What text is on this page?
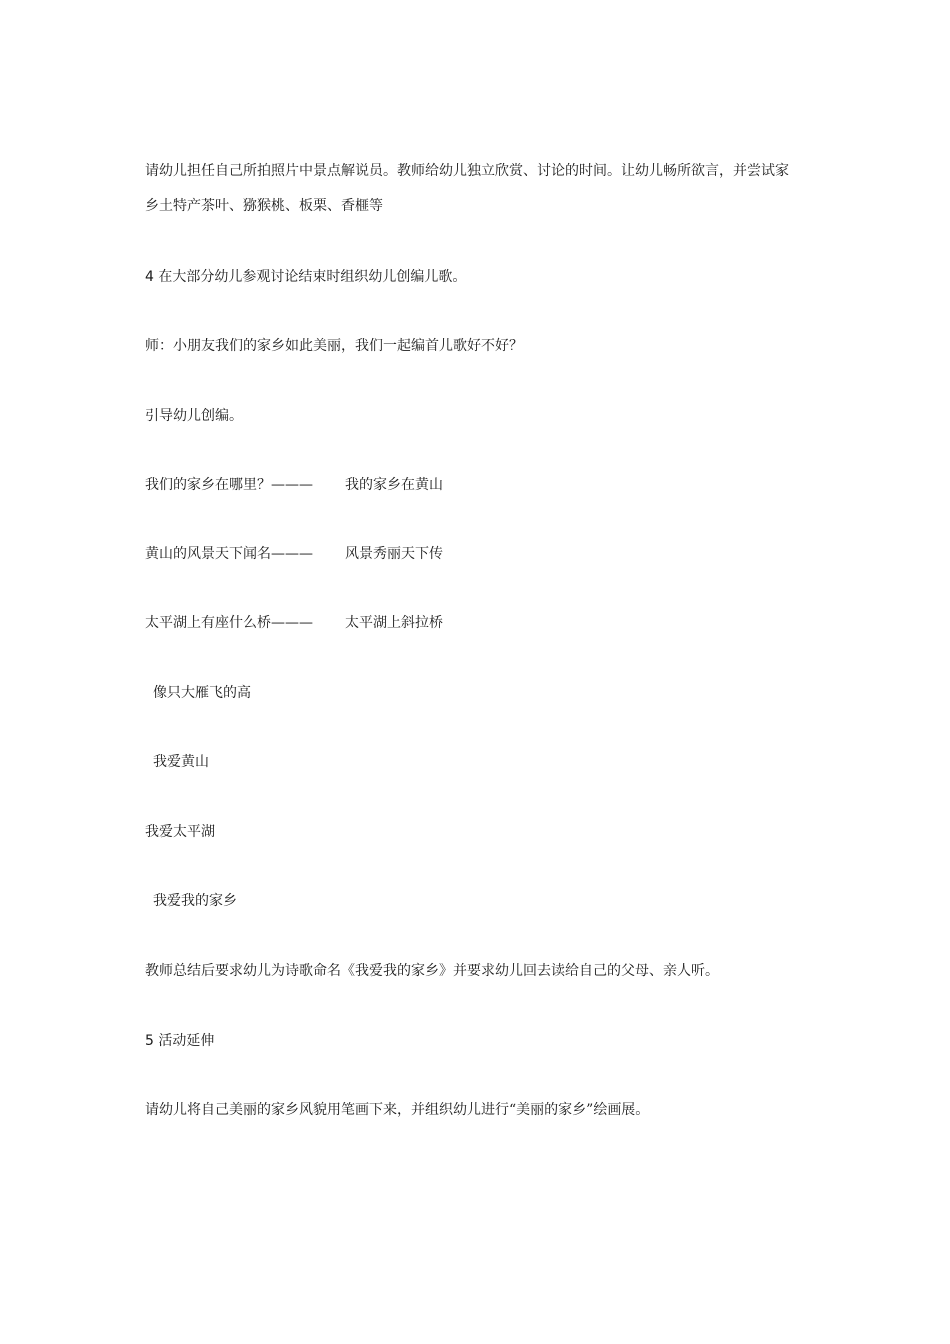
请幼儿担任自己所拍照片中景点解说员。教师给幼儿独立欣赏、讨论的时间。让幼儿畅所欲言，并尝试家
乡土特产茶叶、猕猴桃、板栗、香榧等
4 在大部分幼儿参观讨论结束时组织幼儿创编儿歌。
师：小朋友我们的家乡如此美丽，我们一起编首儿歌好不好？
引导幼儿创编。
我们的家乡在哪里？——— 我的家乡在黄山
黄山的风景天下闻名——— 风景秀丽天下传
太平湖上有座什么桥——— 太平湖上斜拉桥
像只大雁飞的高
我爱黄山
我爱太平湖
我爱我的家乡
教师总结后要求幼儿为诗歌命名《我爱我的家乡》并要求幼儿回去读给自己的父母、亲人听。
5 活动延伸
请幼儿将自己美丽的家乡风貌用笔画下来，并组织幼儿进行“美丽的家乡”绘画展。
